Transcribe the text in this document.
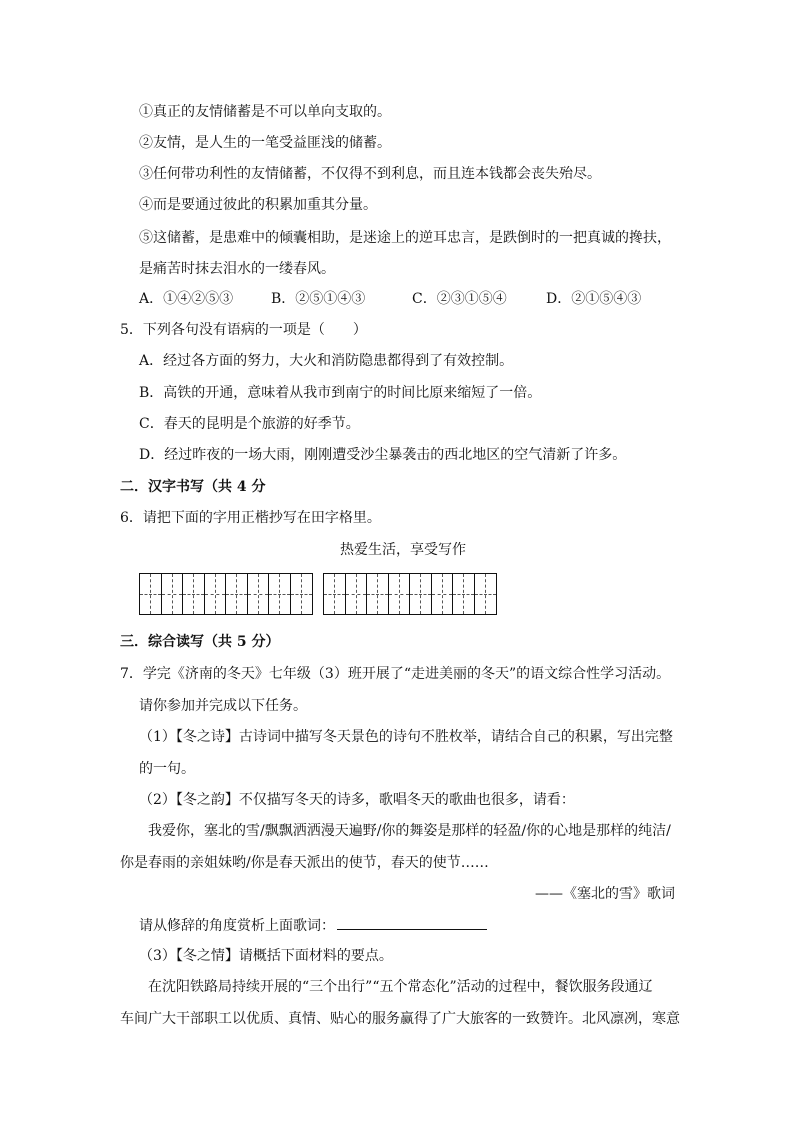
①真正的友情储蓄是不可以单向支取的。
②友情，是人生的一笔受益匪浅的储蓄。
③任何带功利性的友情储蓄，不仅得不到利息，而且连本钱都会丧失殆尽。
④而是要通过彼此的积累加重其分量。
⑤这储蓄，是患难中的倾囊相助，是迷途上的逆耳忠言，是跌倒时的一把真诚的搀扶，
是痛苦时抹去泪水的一缕春风。
A．①④②⑤③	B．②⑤①④③	C．②③①⑤④	D．②①⑤④③
5．下列各句没有语病的一项是（　　）
A．经过各方面的努力，大火和消防隐患都得到了有效控制。
B．高铁的开通，意味着从我市到南宁的时间比原来缩短了一倍。
C．春天的昆明是个旅游的好季节。
D．经过昨夜的一场大雨，刚刚遭受沙尘暴袭击的西北地区的空气清新了许多。
二．汉字书写（共 4 分
6．请把下面的字用正楷抄写在田字格里。
热爱生活，享受写作
三．综合读写（共 5 分）
7．学完《济南的冬天》七年级（3）班开展了“走进美丽的冬天”的语文综合性学习活动。
请你参加并完成以下任务。
（1）【冬之诗】古诗词中描写冬天景色的诗句不胜枚举，请结合自己的积累，写出完整
的一句。
（2）【冬之韵】不仅描写冬天的诗多，歌唱冬天的歌曲也很多，请看：
我爱你，塞北的雪/飘飘洒洒漫天遍野/你的舞姿是那样的轻盈/你的心地是那样的纯洁/
你是春雨的亲姐妹哟/你是春天派出的使节，春天的使节……
——《塞北的雪》歌词
请从修辞的角度赏析上面歌词：
（3）【冬之情】请概括下面材料的要点。
在沈阳铁路局持续开展的“三个出行”“五个常态化”活动的过程中，餐饮服务段通辽
车间广大干部职工以优质、真情、贴心的服务赢得了广大旅客的一致赞许。北风凛冽，寒意
